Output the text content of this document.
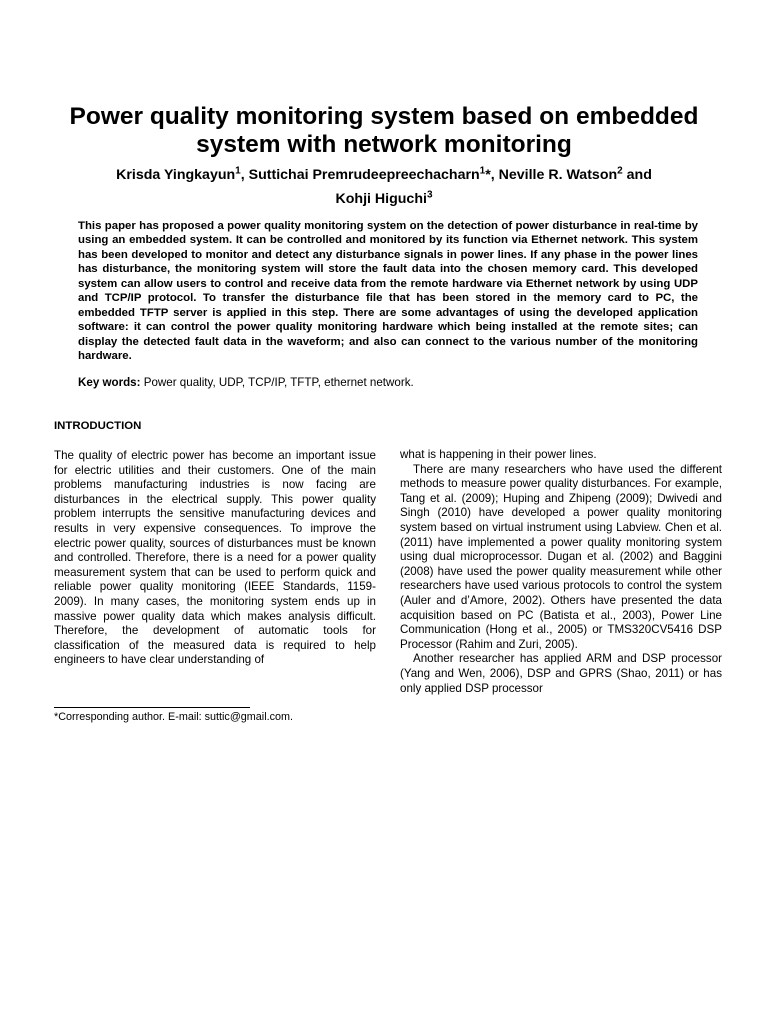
Power quality monitoring system based on embedded system with network monitoring
Krisda Yingkayun$^1$, Suttichai Premrudeepreechacharn$^1$*, Neville R. Watson$^2$ and
Kohji Higuchi$^3$

This paper has proposed a power quality monitoring system on the detection of power disturbance in real-time by using an embedded system. It can be controlled and monitored by its function via Ethernet network. This system has been developed to monitor and detect any disturbance signals in power lines. If any phase in the power lines has disturbance, the monitoring system will store the fault data into the chosen memory card. This developed system can allow users to control and receive data from the remote hardware via Ethernet network by using UDP and TCP/IP protocol. To transfer the disturbance file that has been stored in the memory card to PC, the embedded TFTP server is applied in this step. There are some advantages of using the developed application software: it can control the power quality monitoring hardware which being installed at the remote sites; can display the detected fault data in the waveform; and also can connect to the various number of the monitoring hardware.

Key words: Power quality, UDP, TCP/IP, TFTP, ethernet network.
INTRODUCTION

The quality of electric power has become an important issue for electric utilities and their customers. One of the main problems manufacturing industries is now facing are disturbances in the electrical supply. This power quality problem interrupts the sensitive manufacturing devices and results in very expensive consequences. To improve the electric power quality, sources of disturbances must be known and controlled. Therefore, there is a need for a power quality measurement system that can be used to perform quick and reliable power quality monitoring (IEEE Standards, 1159-2009). In many cases, the monitoring system ends up in massive power quality data which makes analysis difficult. Therefore, the development of automatic tools for classification of the measured data is required to help engineers to have clear understanding of

what is happening in their power lines.

There are many researchers who have used the different methods to measure power quality disturbances. For example, Tang et al. (2009); Huping and Zhipeng (2009); Dwivedi and Singh (2010) have developed a power quality monitoring system based on virtual instrument using Labview. Chen et al. (2011) have implemented a power quality monitoring system using dual microprocessor. Dugan et al. (2002) and Baggini (2008) have used the power quality measurement while other researchers have used various protocols to control the system (Auler and d’Amore, 2002). Others have presented the data acquisition based on PC (Batista et al., 2003), Power Line Communication (Hong et al., 2005) or TMS320CV5416 DSP Processor (Rahim and Zuri, 2005).

Another researcher has applied ARM and DSP processor (Yang and Wen, 2006), DSP and GPRS (Shao, 2011) or has only applied DSP processor

*Corresponding author. E-mail: suttic@gmail.com.
